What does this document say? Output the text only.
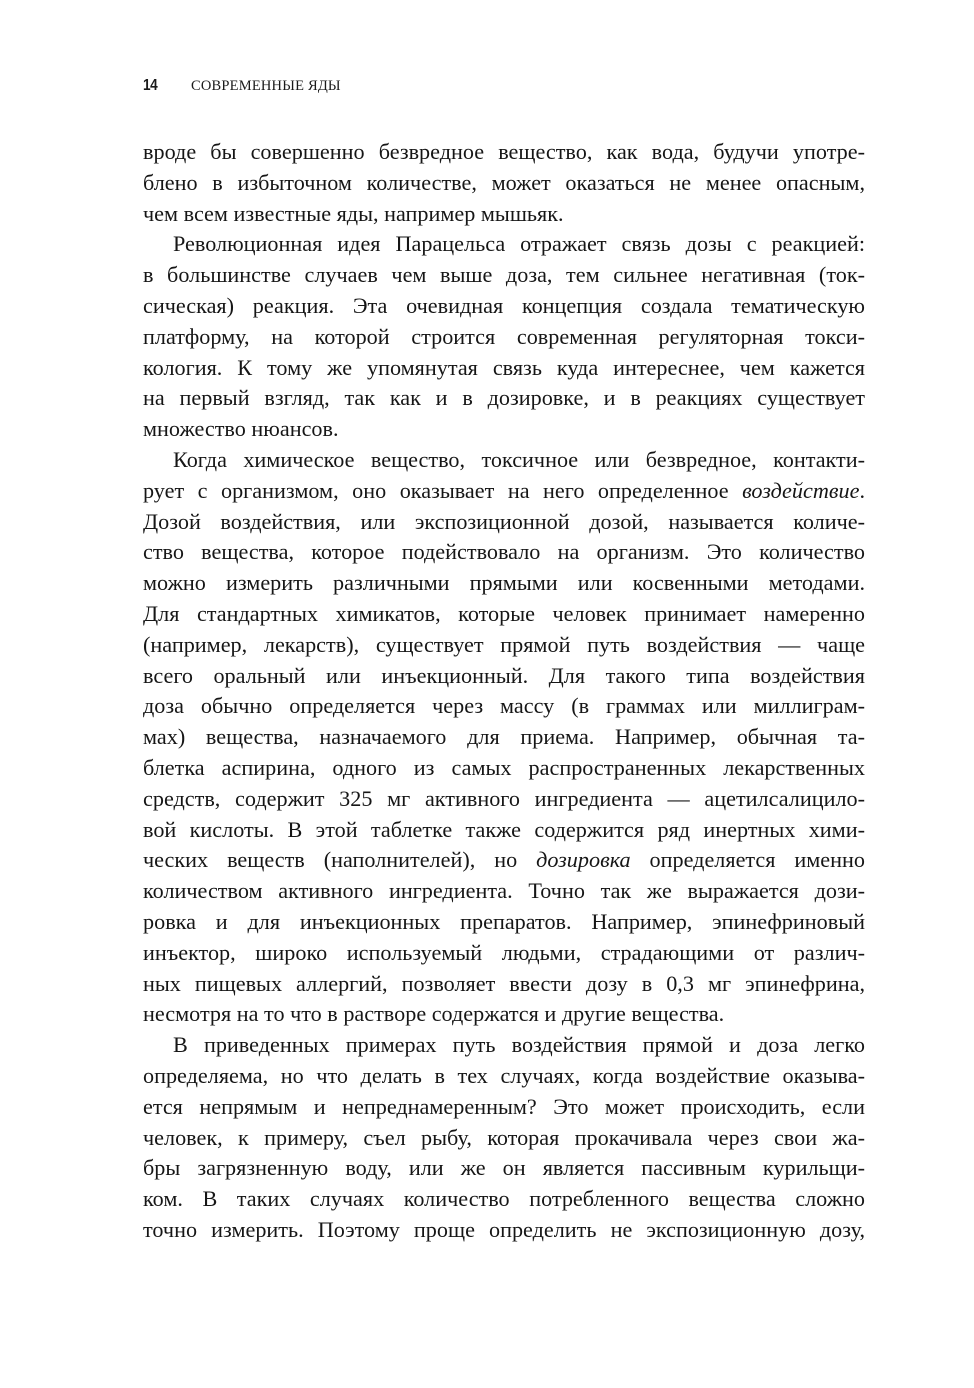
14	СОВРЕМЕННЫЕ ЯДЫ
вроде бы совершенно безвредное вещество, как вода, будучи употре-
блено в избыточном количестве, может оказаться не менее опасным,
чем всем известные яды, например мышьяк.
Революционная идея Парацельса отражает связь дозы с реакцией:
в большинстве случаев чем выше доза, тем сильнее негативная (ток-
сическая) реакция. Эта очевидная концепция создала тематическую
платформу, на которой строится современная регуляторная токси-
кология. К тому же упомянутая связь куда интереснее, чем кажется
на первый взгляд, так как и в дозировке, и в реакциях существует
множество нюансов.
Когда химическое вещество, токсичное или безвредное, контакти-
рует с организмом, оно оказывает на него определенное воздействие.
Дозой воздействия, или экспозиционной дозой, называется количе-
ство вещества, которое подействовало на организм. Это количество
можно измерить различными прямыми или косвенными методами.
Для стандартных химикатов, которые человек принимает намеренно
(например, лекарств), существует прямой путь воздействия — чаще
всего оральный или инъекционный. Для такого типа воздействия
доза обычно определяется через массу (в граммах или миллиграм-
мах) вещества, назначаемого для приема. Например, обычная та-
блетка аспирина, одного из самых распространенных лекарственных
средств, содержит 325 мг активного ингредиента — ацетилсалицило-
вой кислоты. В этой таблетке также содержится ряд инертных хими-
ческих веществ (наполнителей), но дозировка определяется именно
количеством активного ингредиента. Точно так же выражается дози-
ровка и для инъекционных препаратов. Например, эпинефриновый
инъектор, широко используемый людьми, страдающими от различ-
ных пищевых аллергий, позволяет ввести дозу в 0,3 мг эпинефрина,
несмотря на то что в растворе содержатся и другие вещества.
В приведенных примерах путь воздействия прямой и доза легко
определяема, но что делать в тех случаях, когда воздействие оказыва-
ется непрямым и непреднамеренным? Это может происходить, если
человек, к примеру, съел рыбу, которая прокачивала через свои жа-
бры загрязненную воду, или же он является пассивным курильщи-
ком. В таких случаях количество потребленного вещества сложно
точно измерить. Поэтому проще определить не экспозиционную дозу,
